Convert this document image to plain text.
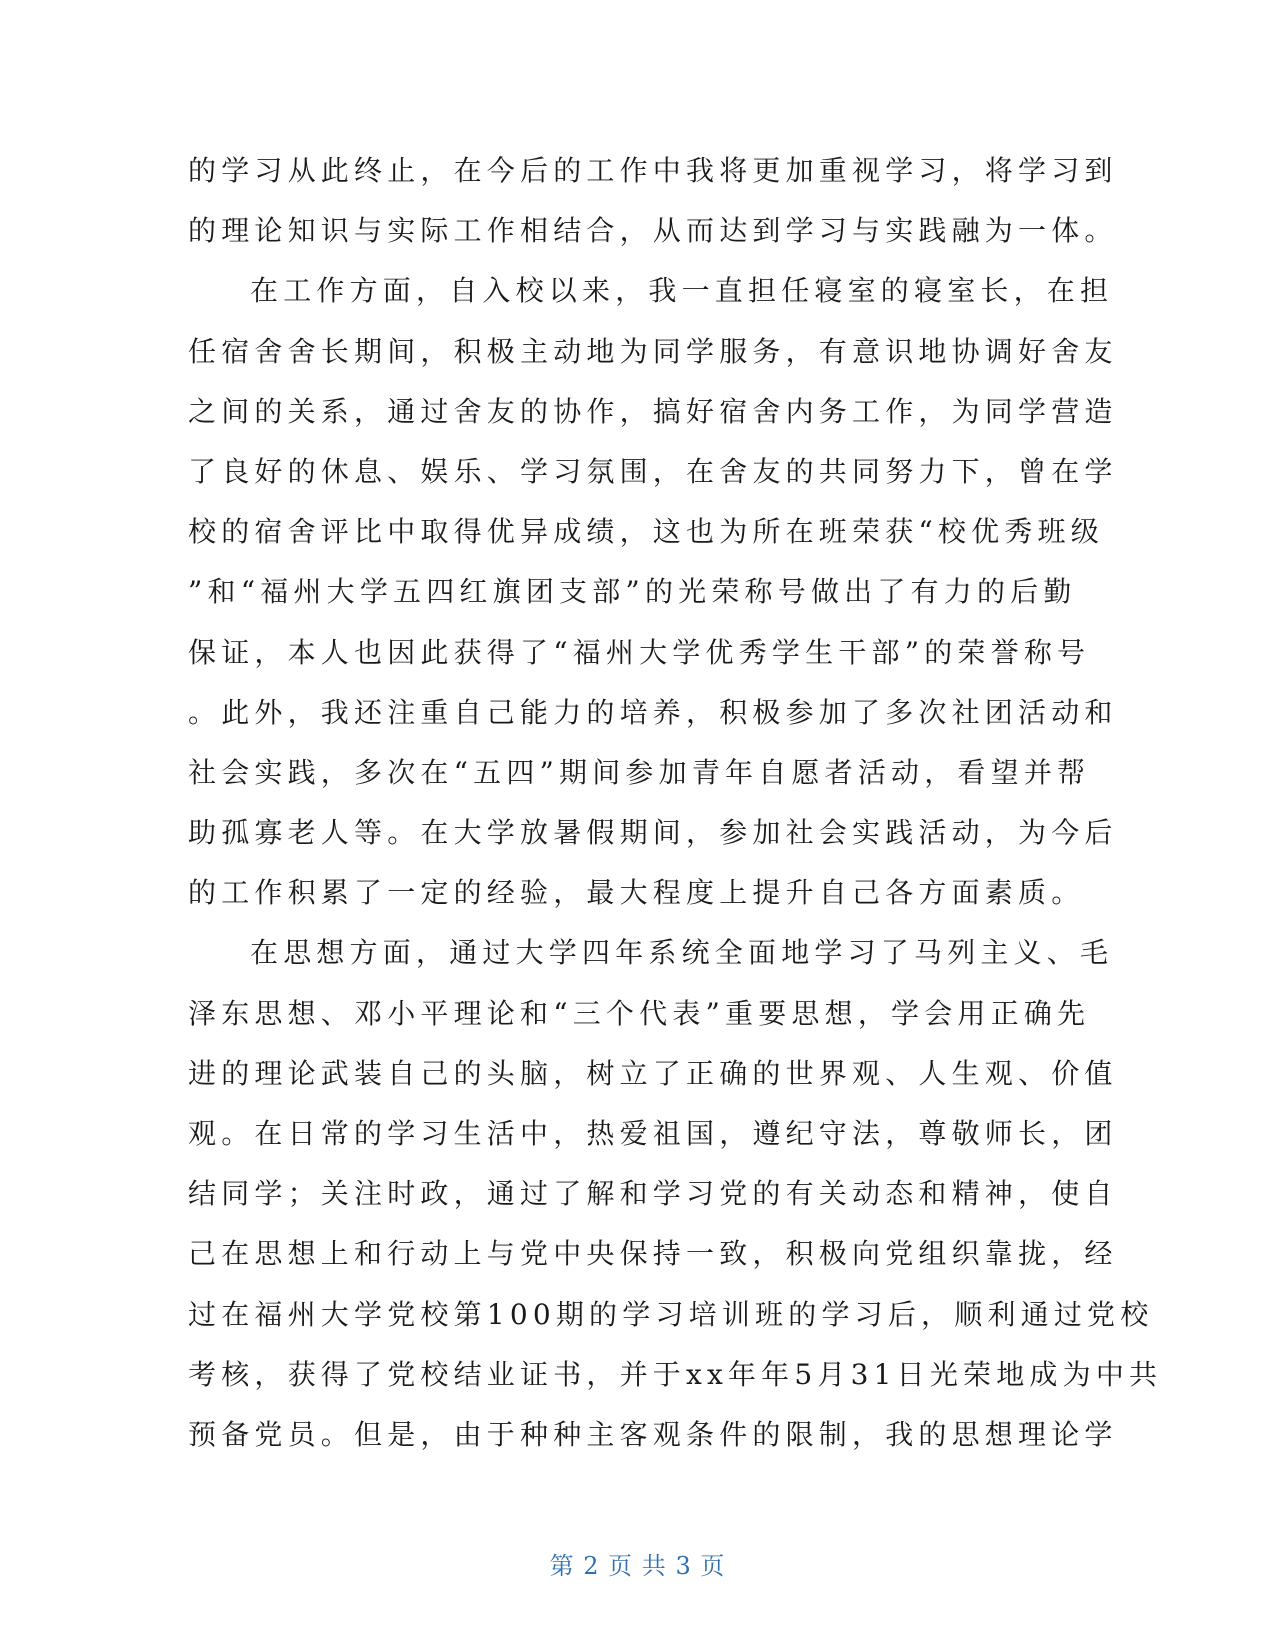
的学习从此终止，在今后的工作中我将更加重视学习，将学习到
的理论知识与实际工作相结合，从而达到学习与实践融为一体。
在工作方面，自入校以来，我一直担任寝室的寝室长，在担
任宿舍舍长期间，积极主动地为同学服务，有意识地协调好舍友
之间的关系，通过舍友的协作，搞好宿舍内务工作，为同学营造
了良好的休息、娱乐、学习氛围，在舍友的共同努力下，曾在学
校的宿舍评比中取得优异成绩，这也为所在班荣获“校优秀班级
”和“福州大学五四红旗团支部”的光荣称号做出了有力的后勤
保证，本人也因此获得了“福州大学优秀学生干部”的荣誉称号
。此外，我还注重自己能力的培养，积极参加了多次社团活动和
社会实践，多次在“五四”期间参加青年自愿者活动，看望并帮
助孤寡老人等。在大学放暑假期间，参加社会实践活动，为今后
的工作积累了一定的经验，最大程度上提升自己各方面素质。
在思想方面，通过大学四年系统全面地学习了马列主义、毛
泽东思想、邓小平理论和“三个代表”重要思想，学会用正确先
进的理论武装自己的头脑，树立了正确的世界观、人生观、价值
观。在日常的学习生活中，热爱祖国，遵纪守法，尊敬师长，团
结同学；关注时政，通过了解和学习党的有关动态和精神，使自
己在思想上和行动上与党中央保持一致，积极向党组织靠拢，经
过在福州大学党校第100期的学习培训班的学习后，顺利通过党校
考核，获得了党校结业证书，并于xx年年5月31日光荣地成为中共
预备党员。但是，由于种种主客观条件的限制，我的思想理论学
第 2 页 共 3 页
